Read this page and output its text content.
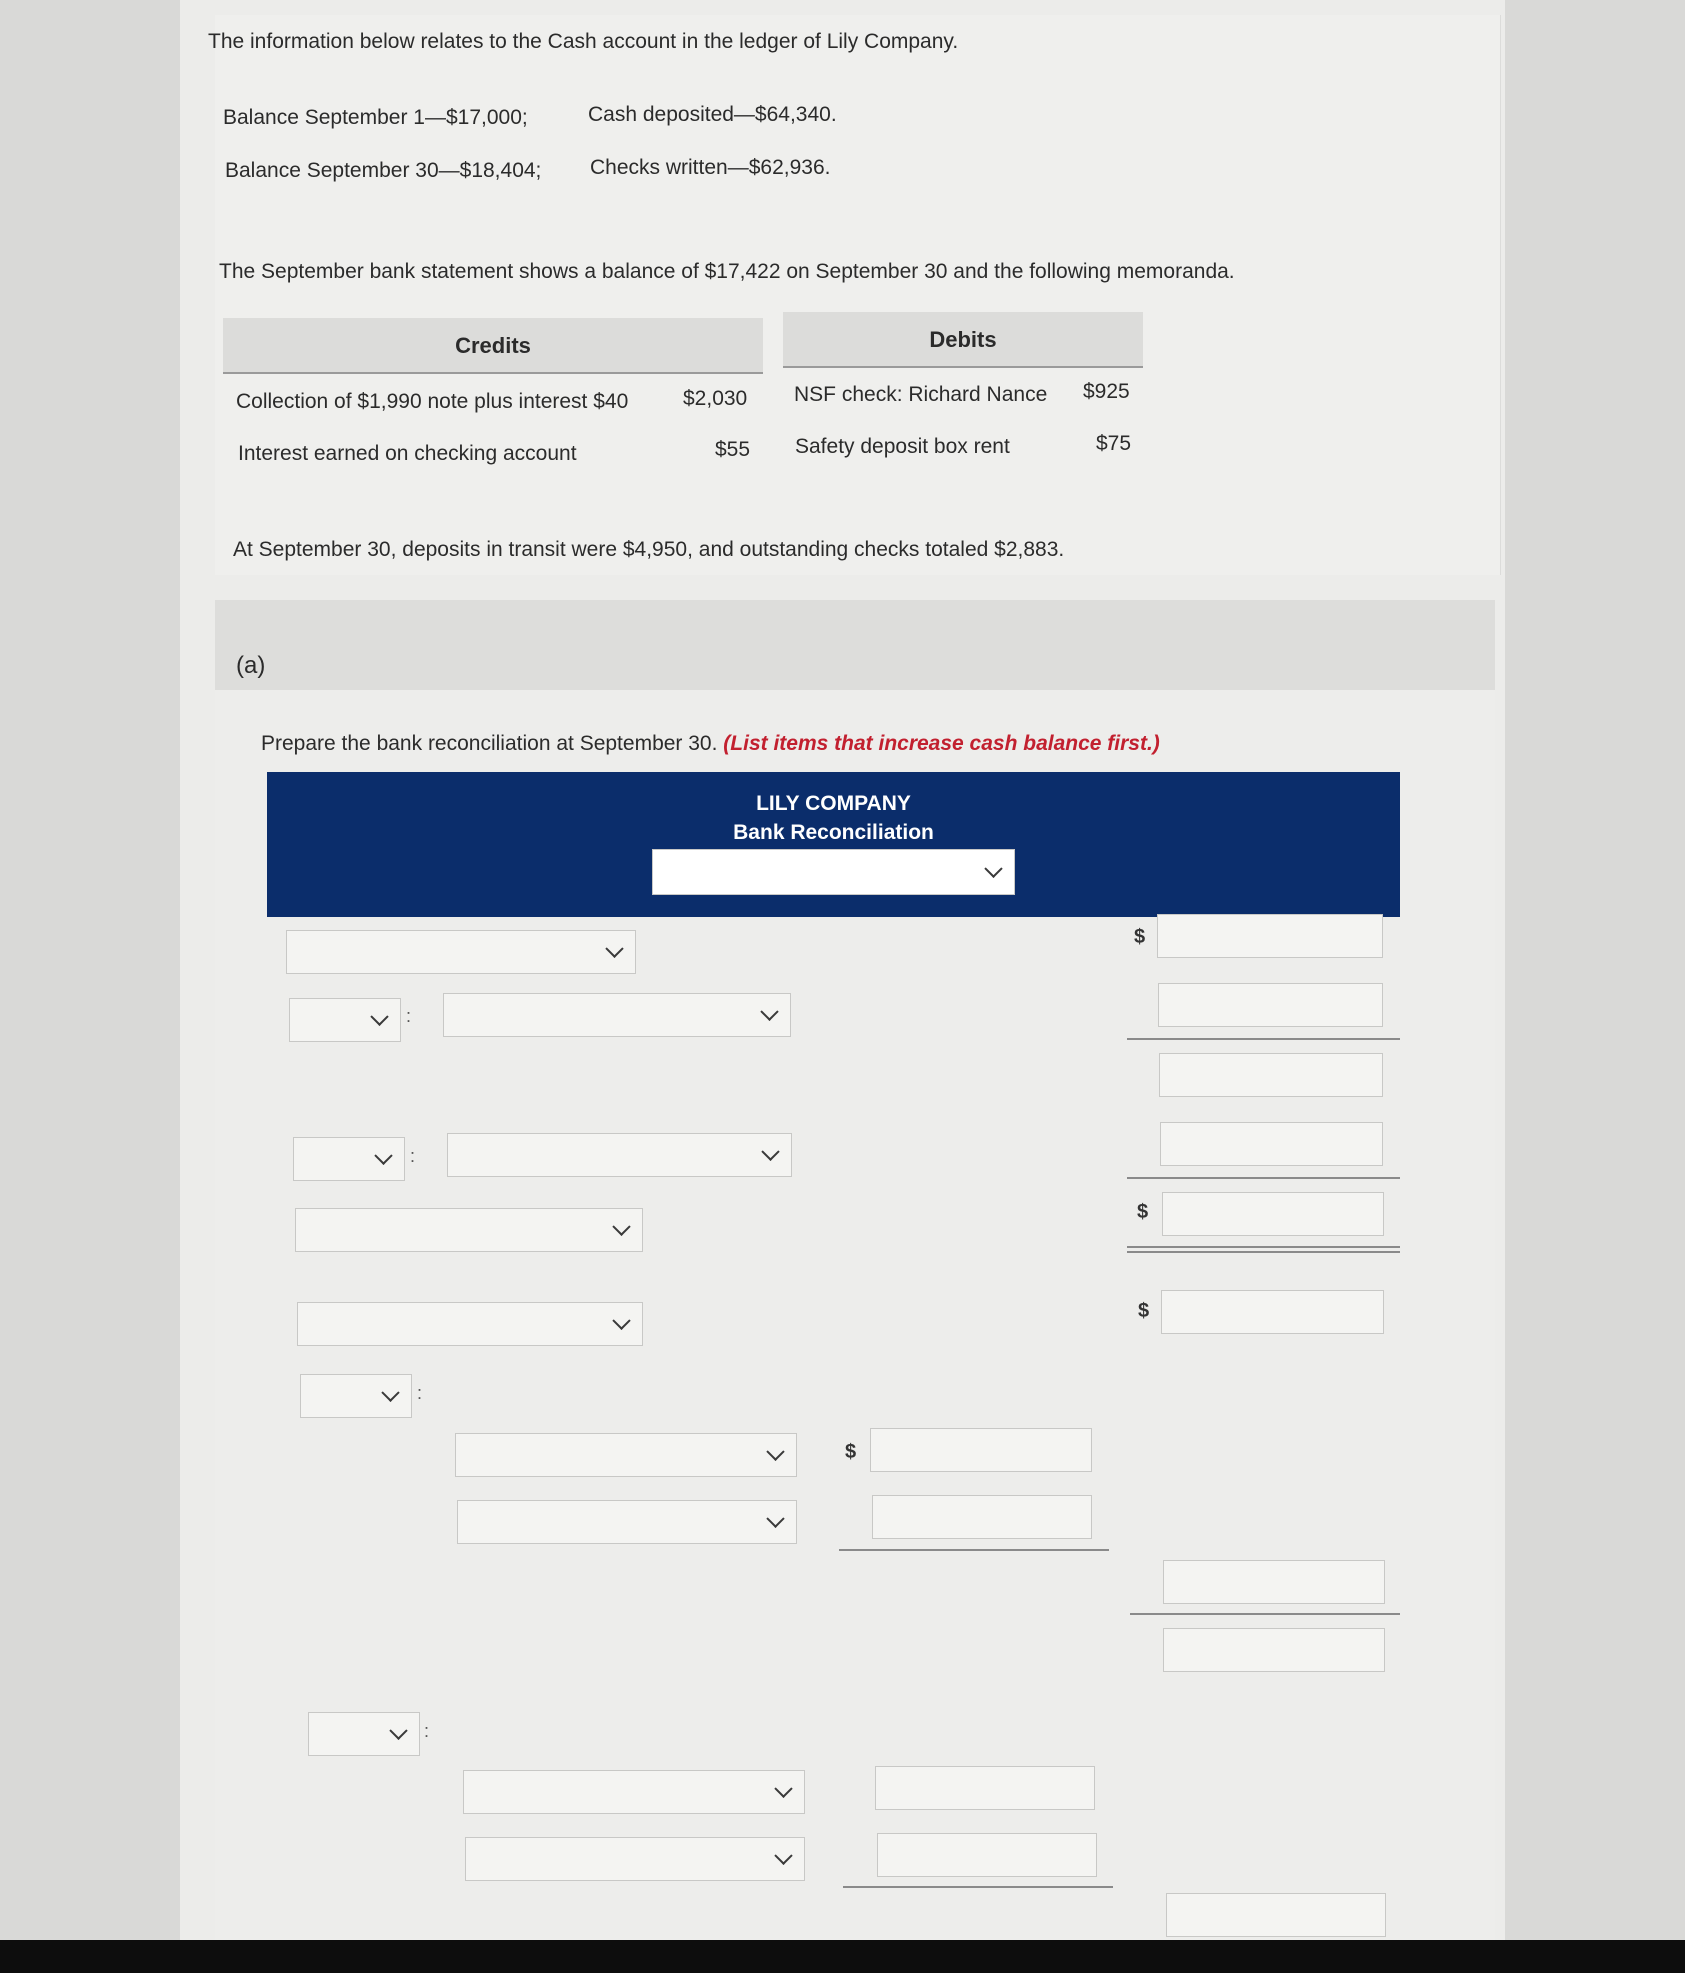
The information below relates to the Cash account in the ledger of Lily Company.
Balance September 1—$17,000;	Cash deposited—$64,340.
Balance September 30—$18,404; Checks written—$62,936.
The September bank statement shows a balance of $17,422 on September 30 and the following memoranda.
Credits	Debits
Collection of $1,990 note plus interest $40	$2,030
Interest earned on checking account	$55
NSF check: Richard Nance $925
Safety deposit box rent	$75
At September 30, deposits in transit were $4,950, and outstanding checks totaled $2,883.
(a)
Prepare the bank reconciliation at September 30. (List items that increase cash balance first.)
LILY COMPANY
Bank Reconciliation
:
:
:
:
$
$
$
$
